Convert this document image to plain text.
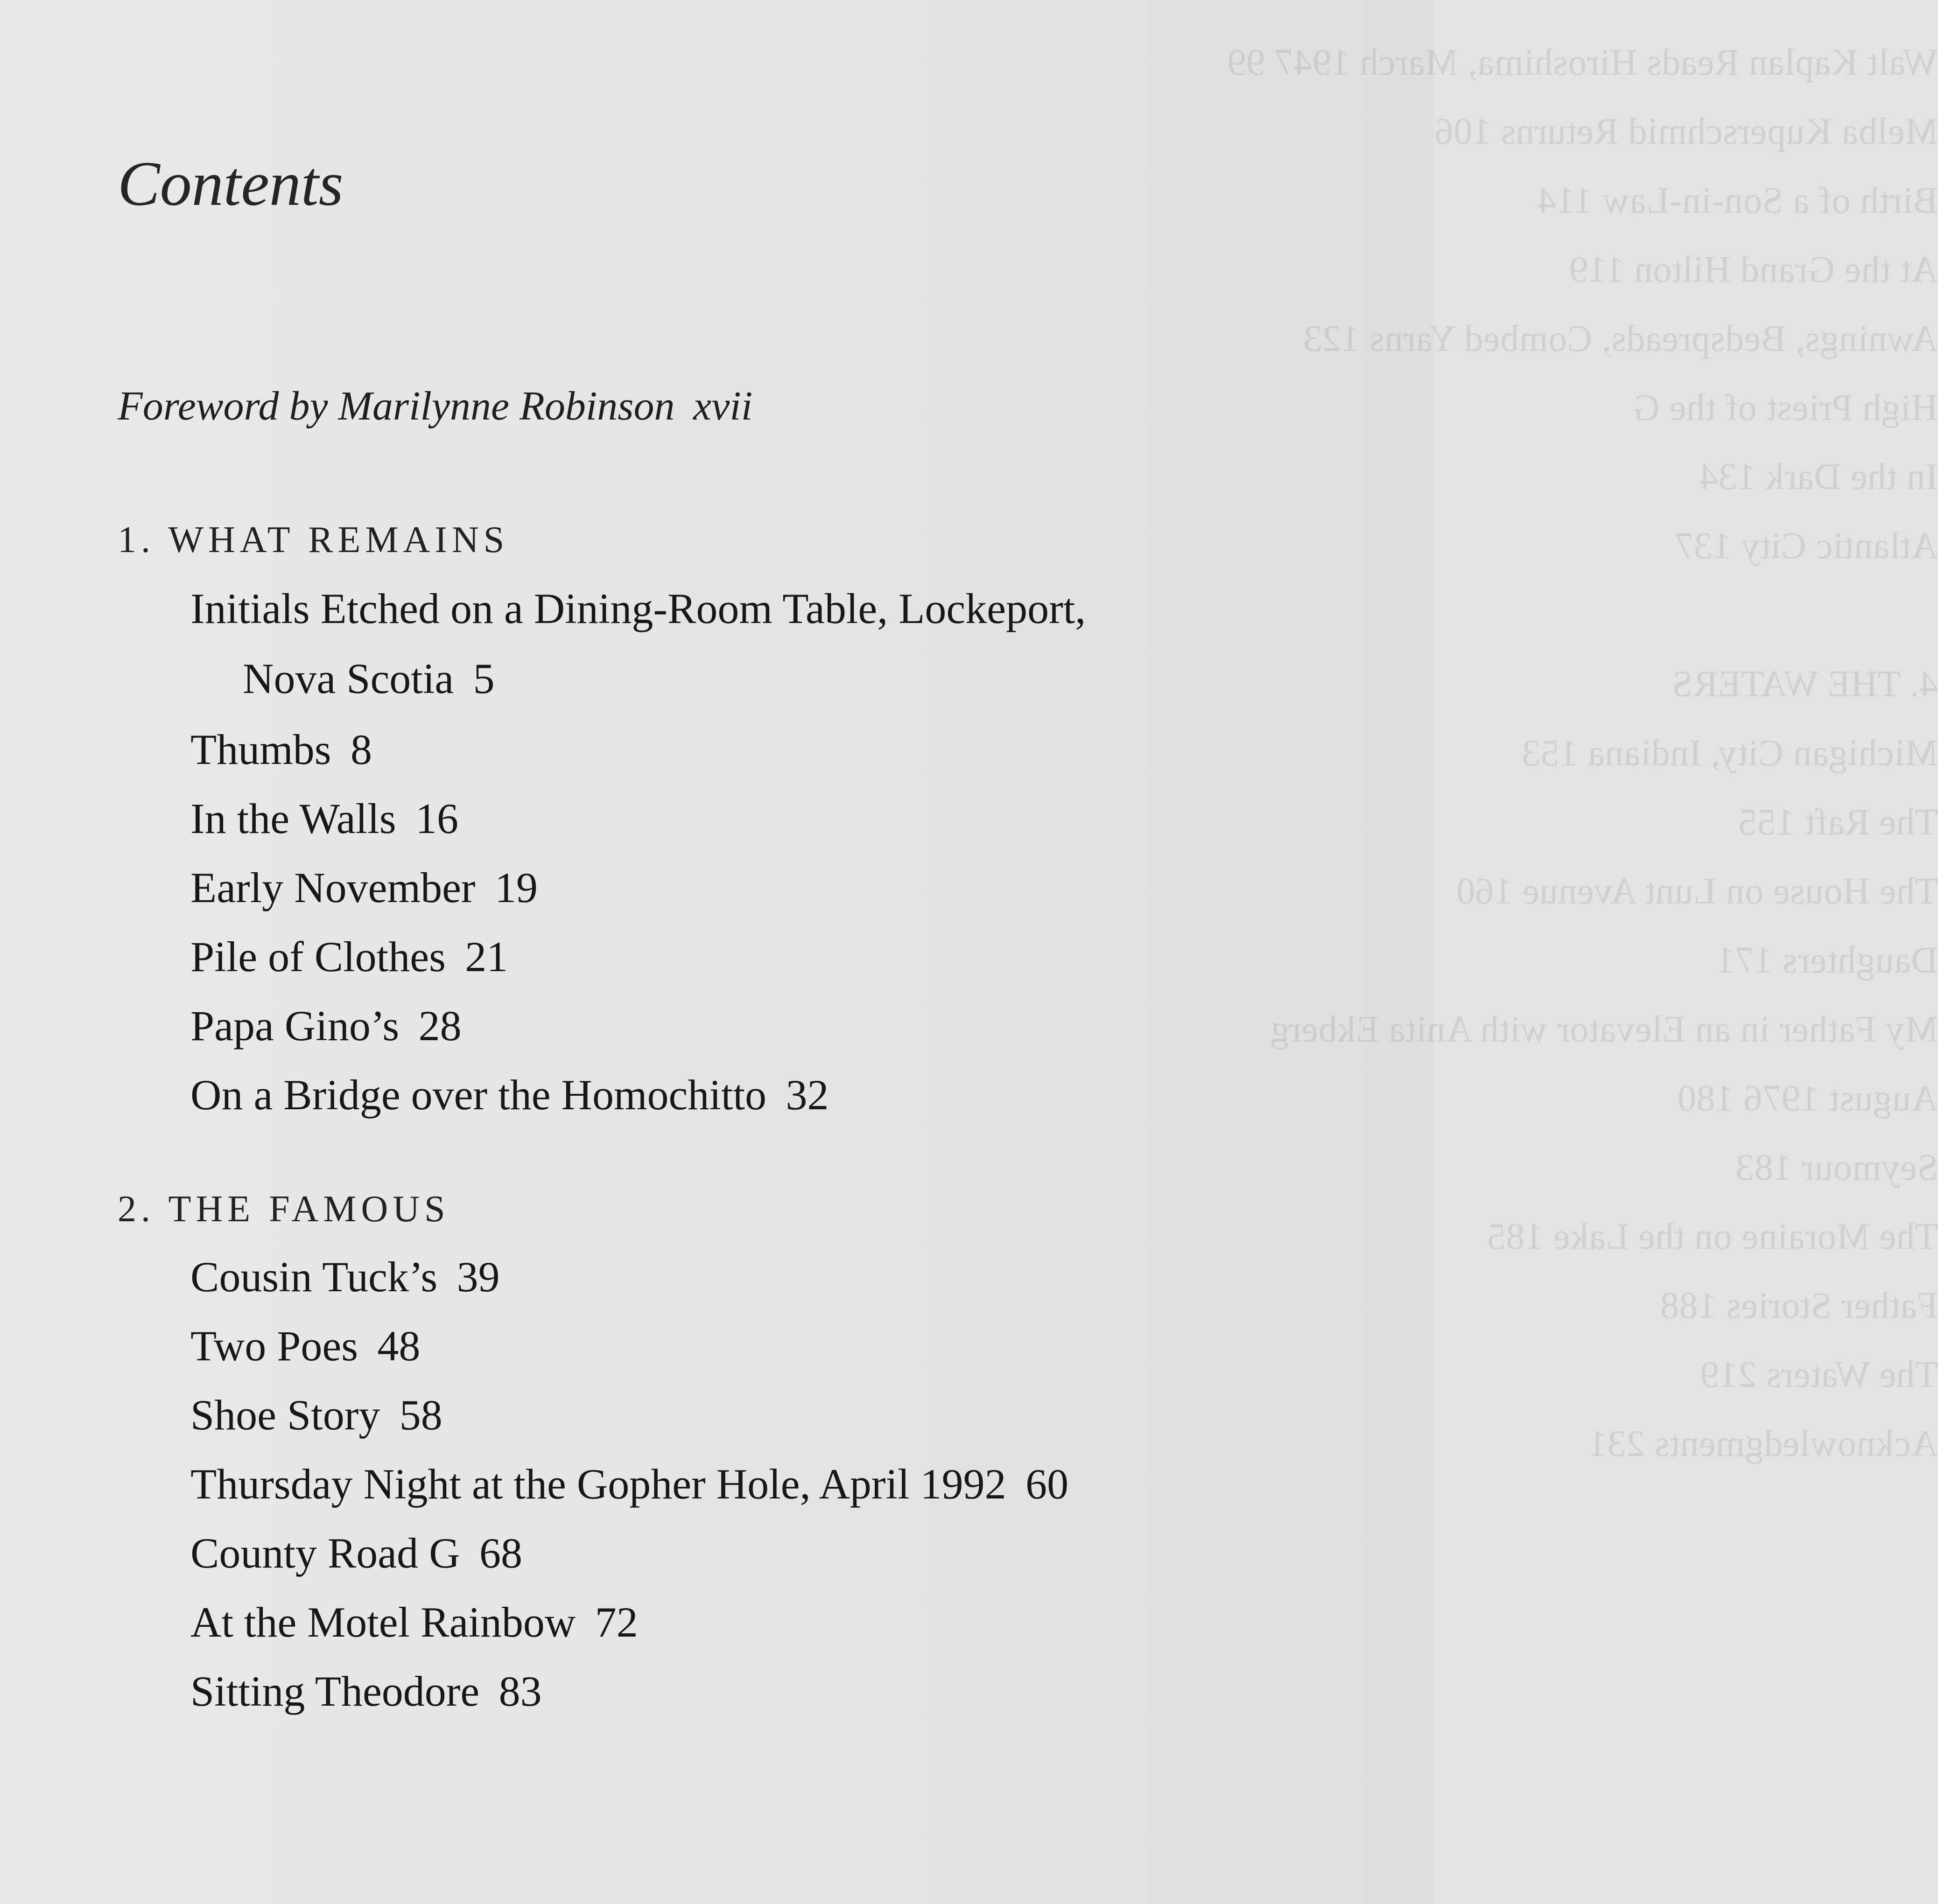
Walt Kaplan Reads Hiroshima, March 1947 99
Melba Kuperschmid Returns 106
Birth of a Son-in-Law 114
At the Grand Hilton 119
Awnings, Bedspreads, Combed Yarns 123
High Priest of the G
In the Dark 134
Atlantic City 137

4. THE WATERS
Michigan City, Indiana 153
The Raft 155
The House on Lunt Avenue 160
Daughters 171
My Father in an Elevator with Anita Ekberg
August 1976 180
Seymour 183
The Moraine on the Lake 185
Father Stories 188
The Waters 219
Acknowledgments 231
Contents

Foreword by Marilynne Robinson xvii

1. WHAT REMAINS

Initials Etched on a Dining-Room Table, Lockeport,
Nova Scotia 5

Thumbs 8

In the Walls 16

Early November 19

Pile of Clothes 21

Papa Gino’s 28

On a Bridge over the Homochitto 32

2. THE FAMOUS

Cousin Tuck’s 39

Two Poes 48

Shoe Story 58

Thursday Night at the Gopher Hole, April 1992 60

County Road G 68

At the Motel Rainbow 72

Sitting Theodore 83
